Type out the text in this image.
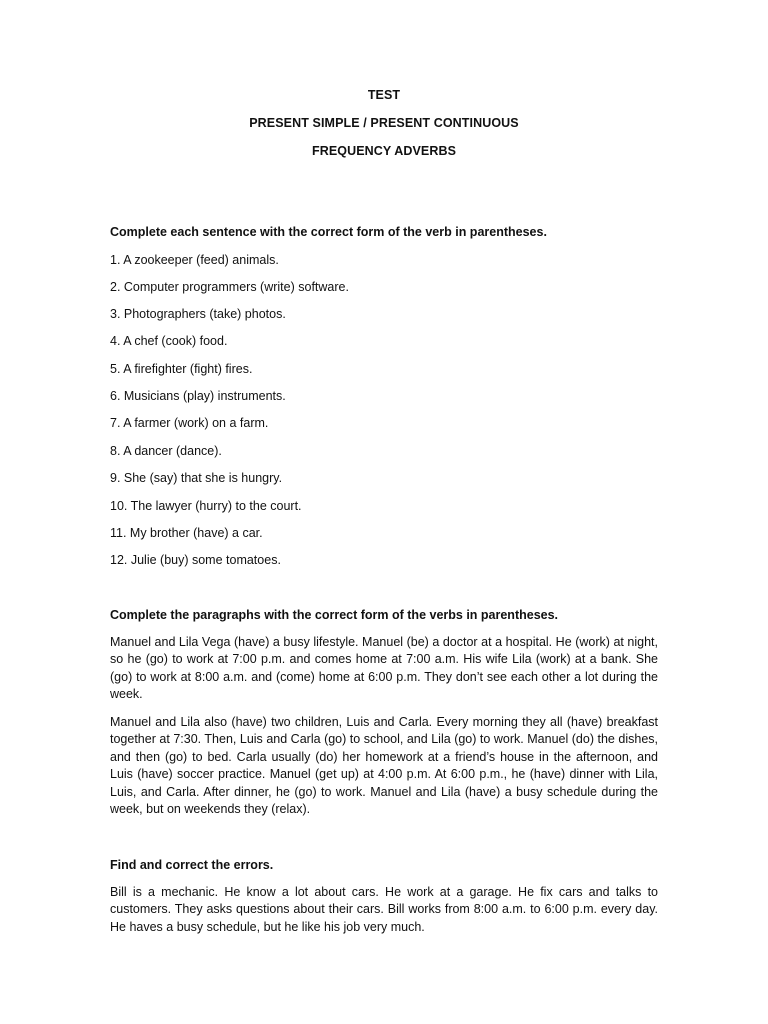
TEST
PRESENT SIMPLE / PRESENT CONTINUOUS
FREQUENCY ADVERBS
Complete each sentence with the correct form of the verb in parentheses.
1. A zookeeper (feed) animals.
2. Computer programmers (write) software.
3. Photographers (take) photos.
4. A chef (cook) food.
5. A firefighter (fight) fires.
6. Musicians (play) instruments.
7. A farmer (work) on a farm.
8. A dancer (dance).
9. She (say) that she is hungry.
10. The lawyer (hurry) to the court.
11. My brother (have) a car.
12. Julie (buy) some tomatoes.
Complete the paragraphs with the correct form of the verbs in parentheses.
Manuel and Lila Vega (have) a busy lifestyle. Manuel (be) a doctor at a hospital. He (work) at night, so he (go) to work at 7:00 p.m. and comes home at 7:00 a.m. His wife Lila (work) at a bank. She (go) to work at 8:00 a.m. and (come) home at 6:00 p.m. They don’t see each other a lot during the week.
Manuel and Lila also (have) two children, Luis and Carla. Every morning they all (have) breakfast together at 7:30. Then, Luis and Carla (go) to school, and Lila (go) to work. Manuel (do) the dishes, and then (go) to bed. Carla usually (do) her homework at a friend’s house in the afternoon, and Luis (have) soccer practice. Manuel (get up) at 4:00 p.m. At 6:00 p.m., he (have) dinner with Lila, Luis, and Carla. After dinner, he (go) to work. Manuel and Lila (have) a busy schedule during the week, but on weekends they (relax).
Find and correct the errors.
Bill is a mechanic. He know a lot about cars. He work at a garage. He fix cars and talks to customers. They asks questions about their cars. Bill works from 8:00 a.m. to 6:00 p.m. every day. He haves a busy schedule, but he like his job very much.
